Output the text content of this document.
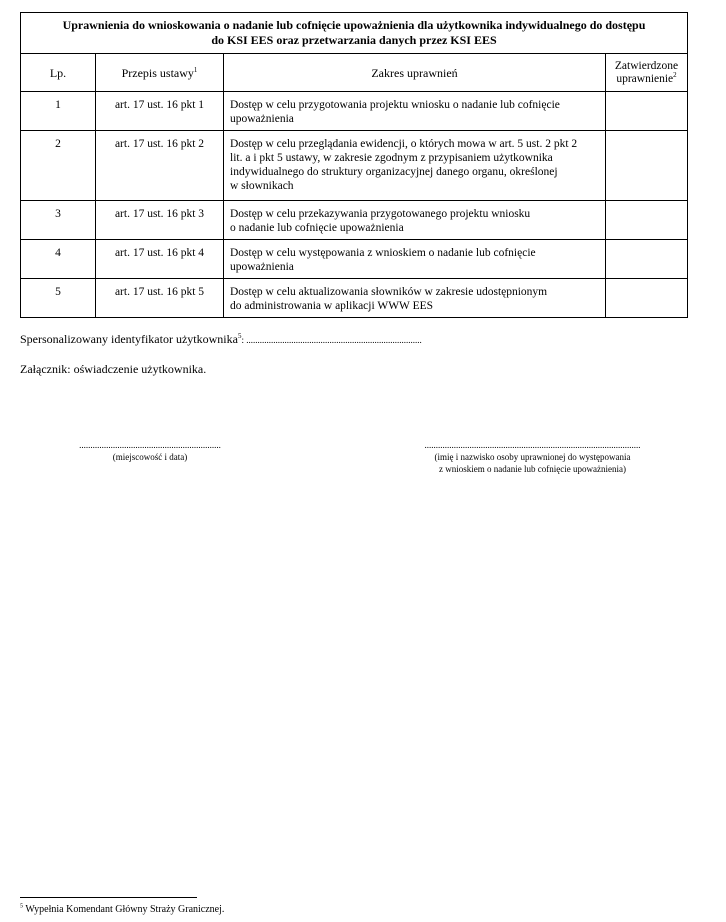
Uprawnienia do wnioskowania o nadanie lub cofnięcie upoważnienia dla użytkownika indywidualnego do dostępu
do KSI EES oraz przetwarzania danych przez KSI EES			
Lp.	Przepis ustawy$^1$	Zakres uprawnień	Zatwierdzone
uprawnienie$^2$
1	art. 17 ust. 16 pkt 1	Dostęp w celu przygotowania projektu wniosku o nadanie lub cofnięcie
upoważnienia	
2	art. 17 ust. 16 pkt 2	Dostęp w celu przeglądania ewidencji, o których mowa w art. 5 ust. 2 pkt 2
lit. a i pkt 5 ustawy, w zakresie zgodnym z przypisaniem użytkownika
indywidualnego do struktury organizacyjnej danego organu, określonej
w słownikach	
3	art. 17 ust. 16 pkt 3	Dostęp w celu przekazywania przygotowanego projektu wniosku
o nadanie lub cofnięcie upoważnienia	
4	art. 17 ust. 16 pkt 4	Dostęp w celu występowania z wnioskiem o nadanie lub cofnięcie
upoważnienia	
5	art. 17 ust. 16 pkt 5	Dostęp w celu aktualizowania słowników w zakresie udostępnionym
do administrowania w aplikacji WWW EES	
Spersonalizowany identyfikator użytkownika$^5$: ..............................................................................
Załącznik: oświadczenie użytkownika.
...............................................................
(miejscowość i data)
................................................................................................
(imię i nazwisko osoby uprawnionej do występowania
z wnioskiem o nadanie lub cofnięcie upoważnienia)
$^5$ Wypełnia Komendant Główny Straży Granicznej.
